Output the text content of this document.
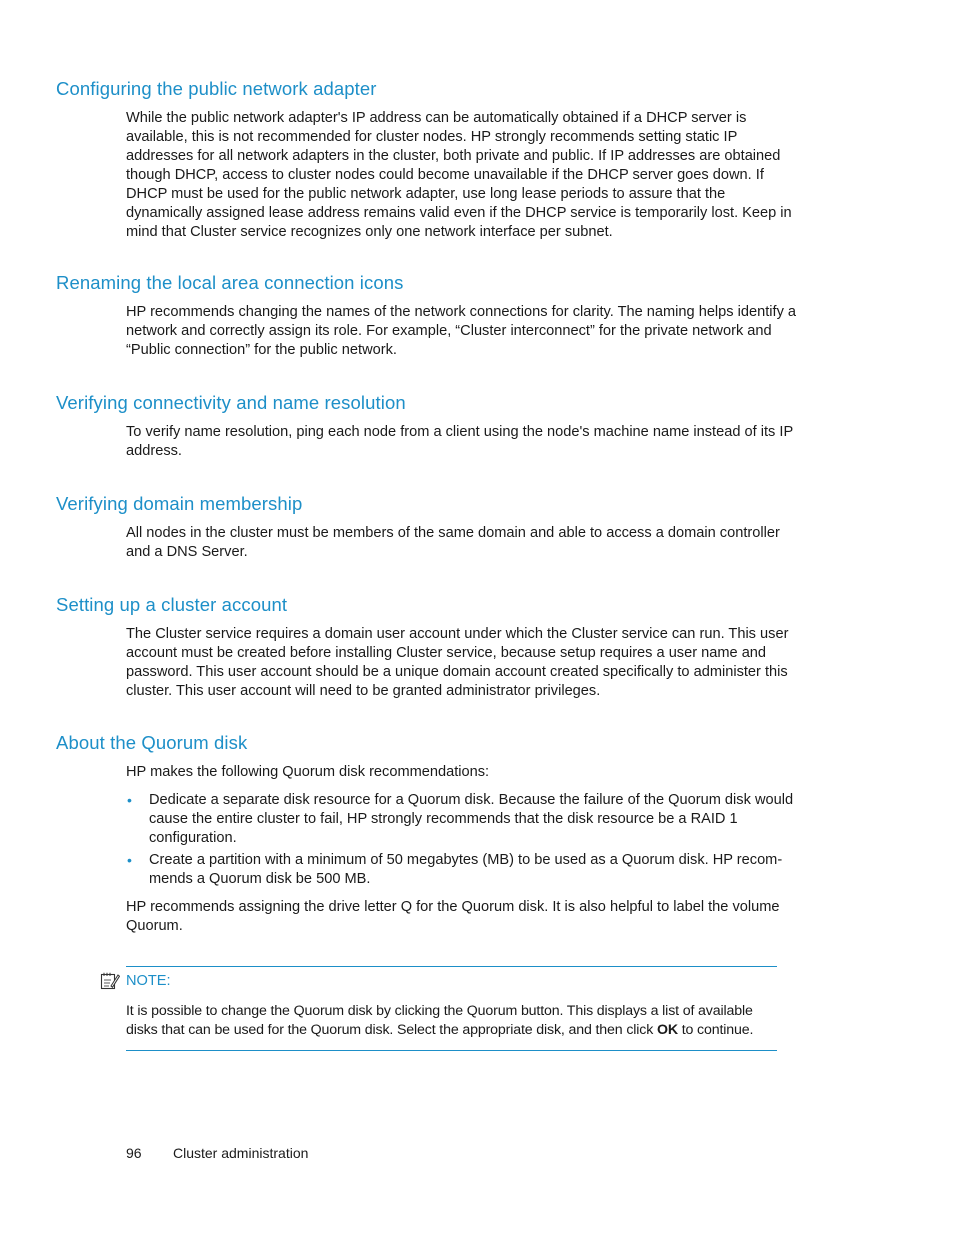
Configuring the public network adapter

While the public network adapter's IP address can be automatically obtained if a DHCP server is available, this is not recommended for cluster nodes. HP strongly recommends setting static IP addresses for all network adapters in the cluster, both private and public. If IP addresses are obtained though DHCP, access to cluster nodes could become unavailable if the DHCP server goes down. If DHCP must be used for the public network adapter, use long lease periods to assure that the dynamically assigned lease address remains valid even if the DHCP service is temporarily lost. Keep in mind that Cluster service recognizes only one network interface per subnet.

Renaming the local area connection icons

HP recommends changing the names of the network connections for clarity. The naming helps identify a network and correctly assign its role. For example, “Cluster interconnect” for the private network and “Public connection” for the public network.

Verifying connectivity and name resolution

To verify name resolution, ping each node from a client using the node's machine name instead of its IP address.

Verifying domain membership

All nodes in the cluster must be members of the same domain and able to access a domain controller and a DNS Server.

Setting up a cluster account

The Cluster service requires a domain user account under which the Cluster service can run. This user account must be created before installing Cluster service, because setup requires a user name and password. This user account should be a unique domain account created specifically to administer this cluster. This user account will need to be granted administrator privileges.

About the Quorum disk

HP makes the following Quorum disk recommendations:

• Dedicate a separate disk resource for a Quorum disk. Because the failure of the Quorum disk would cause the entire cluster to fail, HP strongly recommends that the disk resource be a RAID 1 configuration.
• Create a partition with a minimum of 50 megabytes (MB) to be used as a Quorum disk. HP recom-mends a Quorum disk be 500 MB.

HP recommends assigning the drive letter Q for the Quorum disk. It is also helpful to label the volume Quorum.

NOTE:

It is possible to change the Quorum disk by clicking the Quorum button. This displays a list of available disks that can be used for the Quorum disk. Select the appropriate disk, and then click OK to continue.

96	Cluster administration
